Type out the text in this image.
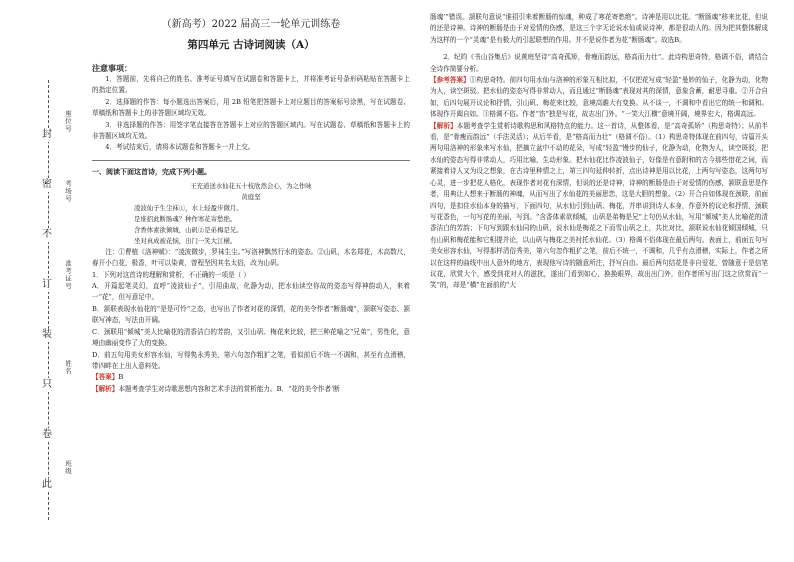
封
密
不
订
装
只
卷
此
座位号
考场号
准考证号
姓名
班级
（新高考）2022 届高三一轮单元训练卷
第四单元 古诗词阅读（A）
注意事项：

1．答题前，先将自己的姓名、准考证号填写在试题卷和答题卡上，并将准考证号条形码粘贴在答题卡上的指定位置。

2．选择题的作答：每小题选出答案后，用 2B 铅笔把答题卡上对应题目的答案标号涂黑，写在试题卷、草稿纸和答题卡上的非答题区域均无效。

3．非选择题的作答：用签字笔直接答在答题卡上对应的答题区域内。写在试题卷、草稿纸和答题卡上的非答题区域均无效。

4．考试结束后，请将本试题卷和答题卡一并上交。

一、阅读下面这首诗，完成下列小题。
王充道送水仙花五十枝欣然会心，为之作咏
黄庭坚
凌波仙子生尘袜①，水上轻盈步微月。
是谁招此断肠魂？种作寒花寄愁绝。
含香体素欲倾城，山矾②是弟梅是兄。
坐对真成被花恼，出门一笑大江横。

注：①曹植《洛神赋》：“凌波微步，罗袜生尘。”写洛神飘然行水的姿态。②山矾，木名郑花，木高数尺，春开小白花，极香，叶可以染黄，曾程坚因其名太俗，改为山矾。

1．下列对这首诗的理解和赏析，不正确的一项是（ ）

A．开篇起笔灵幻，直呼“凌波仙子”，引用曲故，化静为动，把水仙读空你故的姿态写得神韵动人，来着一“花”，但写意足中。

B．颔联表现水仙花的“是是可怜”之态，也写出了作者对花的深情，花的美令作者“断肠魂”，颔联写姿态、颔联写神态，写法由开阔。

C．颈联用“倾城”美人比喻花的清香洁白的芳韵，又引山矾、梅花来比较，把三种花喻之“兄弟”，男性化，意境由幽丽变作了大的变换。

D．前五句用美女形容水仙，写得隽永秀美，第六句忽作粗犷之笔，看似前后不统一不调和，甚至有点滑稽，带四畔在上出人意料处。

【答案】B

【解析】本题考查学生对诗歌思想内容和艺术手法的赏析能力。B．“花的美令作者‘断

肠魂’”错误。颔联句意说“谁招引来着断肠的惊魂，种成了寒花寄愁绝”。诗神是用以比花。“断肠魂”移来比花，但说的还是诗神。诗神的断肠是由于对爱情的伤感，是这三个字无论说水仙或说诗神，都是很动人的。因为把其整体解成为这样的一个“灵魂”是有极大的引起联想的作用。并不是说作者为花“断肠魂”。故选B。

2．纪昀《书山谷集后》说黄庭坚诗“高奇孤矫，骨瘦而韵远，格高而力壮”。此诗构思奇特，格调不俗，请结合全诗作简要分析。

【参考答案】①构思奇特。前四句用水仙与洛神的形象互相比拟，不仅把花写成“轻盈”曼妙的仙子，化静为动，化物为人，读空斑驳。把水仙的姿态写得非常动人，而且通过“断肠魂”表现对其的深情，意象含蓄，耐思寻重。②开合自如，后四句展开议论和抒情，引山矾、梅花来比较，意境高瞻大有变换。从不谈一，不调和中看出它的统一和调和。体现作开阖自如。③格调不俗。作者“饬”独是写花，故志出门外。“一笑大江横”意境开阔，境界宏大，格调高远。

【解析】本题考查学生赏析诗歌构思和风格特点的能力。这一首诗，从整体看，是“高奇孤矫”（构思奇特）；从前半看，是“骨瘦而韵远”（手法灵活）；从后半看，是“格高而力壮”（格调不俗）。（1）构思奇特体现在前四句，诗篇开头两句用洛神的形象来写水仙，把摘立盆中不动的花朵，写成“轻盈”慢步的仙子，化静为动，化物为人，读空斑驳，把水仙的姿态写得非常动人，巧用比喻，生动形象。把水仙花比作凌波仙子，好像是有意附和的古今那些惜花之词，而紧接着诗人又为设之想象，在古诗里种情之上，第三四句延伸转折，点出诗神是用以比花，上两句写姿态，这两句写心灵，进一步把花人格化，表现作者对花有深情，但说的还是诗神，诗神的断肠是由于对爱情的伤感，颔联意思是作者，用典让人想来于断肠的神魂，从而写出了水仙花的美丽思恋，这是大胆的想象。（2）开合自如体现在颈联，前面四句，是扣住水仙本身的描写，下面四句，从水仙引到山矾、梅花，并串讲到诗人本身，作意外的议论和抒情，颈联写花香色，一句写花的美丽，写到。“含香体素欲倾城，山矾是弟梅是兄”上句仍从水仙，写用“倾城”美人比喻花的清香洁白的芳韵；下句写到跟水仙同的山矾，说水仙是梅花之下而雪山矾之上，共比对比，颔联说水仙花倾国倾城，只有山矾和梅花能和它相提并论，以山矾与梅花之美衬托水仙花。（3）格调不俗体现在最后两句。表面上，前面五句写美女形容水仙，写得那样清俗秀美，第六句忽作粗犷之笔，前后不统一，不调和，几乎有点滑稽，实际上，作者之所以在这样的曲线中出人意外的地方，表现他写诗的随意所注，抒写自由。最后两句结花是非自爱花，曾随意于是信笔议花，欣赏大个，感受到花对人的滋扰，遂出门看到如心，换换眼界，故出出门外，但作者所写出门这之欣赏而“一笑”的，却是“横”在面前的“大
